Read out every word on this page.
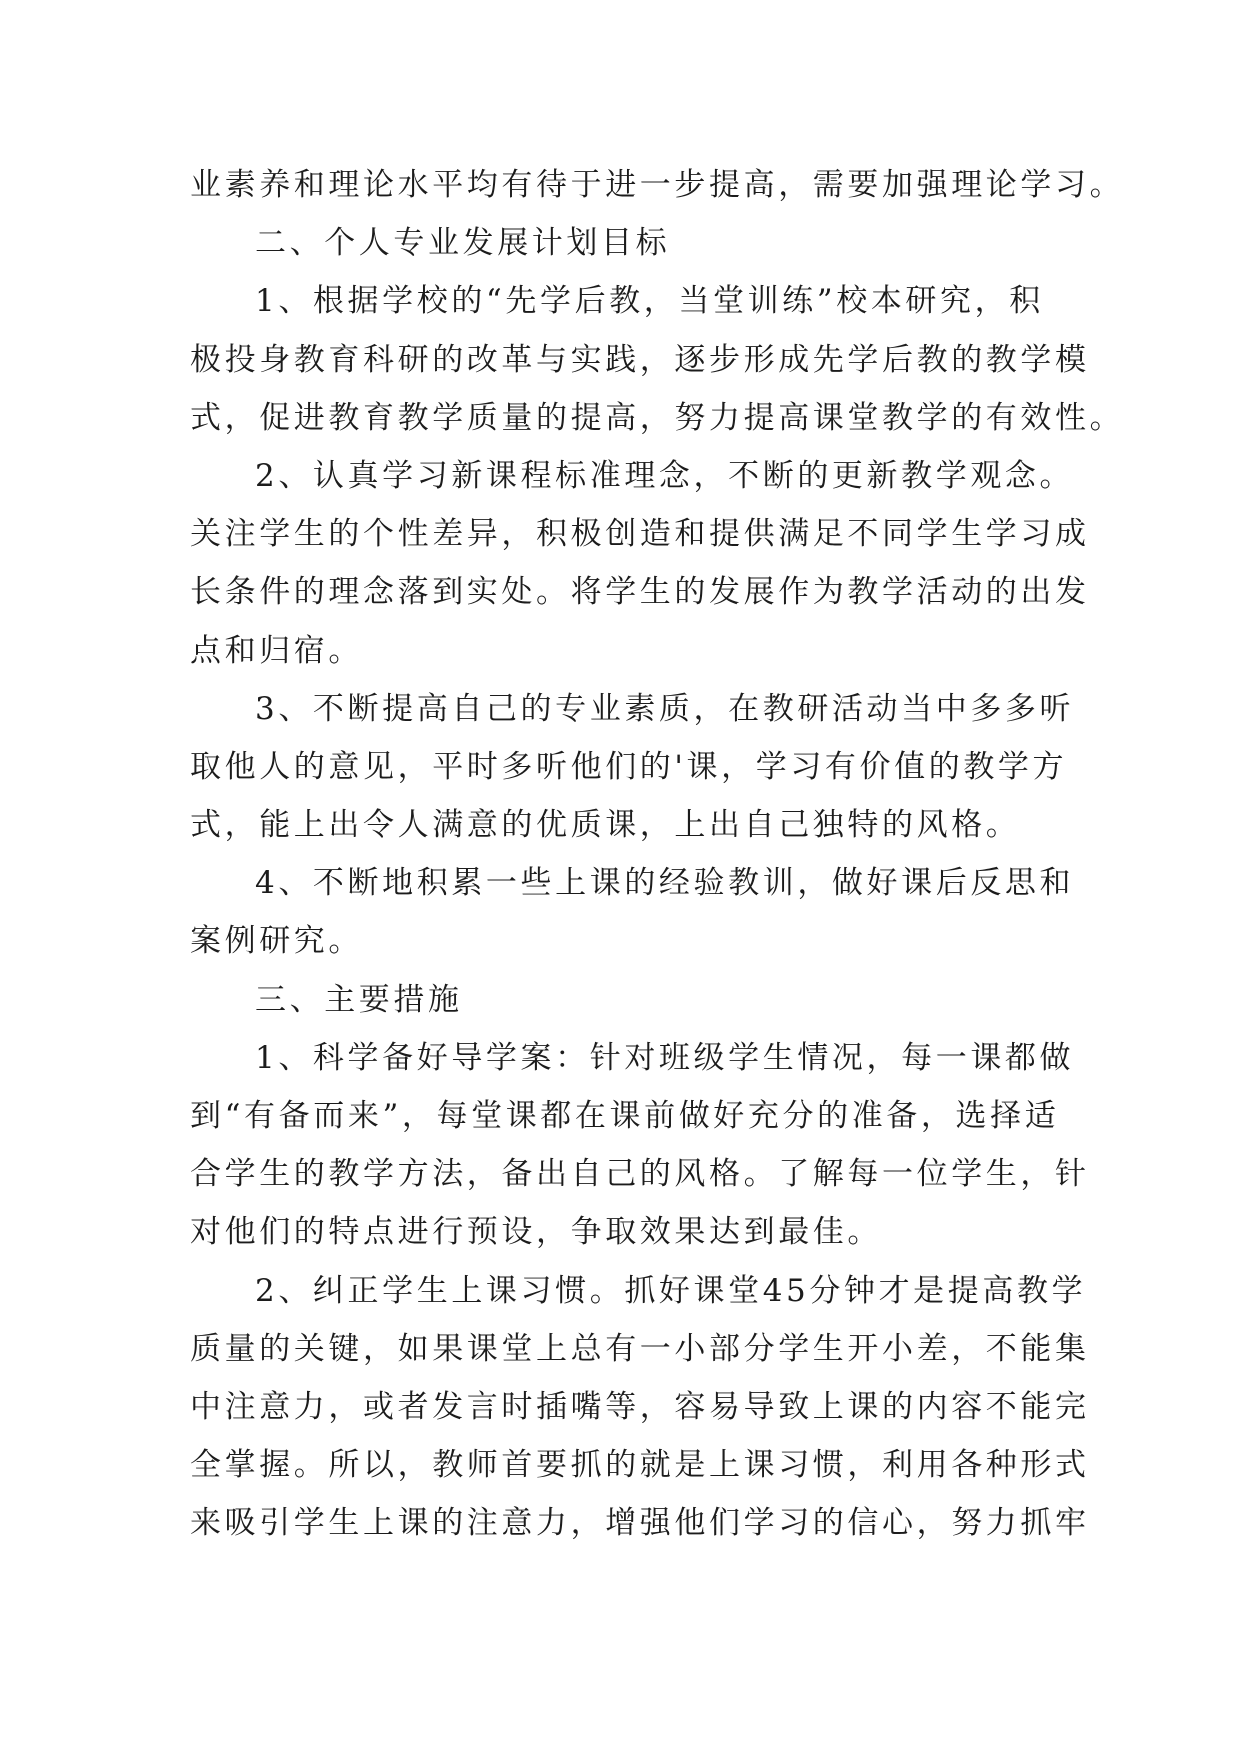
业素养和理论水平均有待于进一步提高，需要加强理论学习。
二、个人专业发展计划目标
1、根据学校的“先学后教，当堂训练”校本研究，积
极投身教育科研的改革与实践，逐步形成先学后教的教学模
式，促进教育教学质量的提高，努力提高课堂教学的有效性。
2、认真学习新课程标准理念，不断的更新教学观念。
关注学生的个性差异，积极创造和提供满足不同学生学习成
长条件的理念落到实处。将学生的发展作为教学活动的出发
点和归宿。
3、不断提高自己的专业素质，在教研活动当中多多听
取他人的意见，平时多听他们的'课，学习有价值的教学方
式，能上出令人满意的优质课，上出自己独特的风格。
4、不断地积累一些上课的经验教训，做好课后反思和
案例研究。
三、主要措施
1、科学备好导学案：针对班级学生情况，每一课都做
到“有备而来”，每堂课都在课前做好充分的准备，选择适
合学生的教学方法，备出自己的风格。了解每一位学生，针
对他们的特点进行预设，争取效果达到最佳。
2、纠正学生上课习惯。抓好课堂45分钟才是提高教学
质量的关键，如果课堂上总有一小部分学生开小差，不能集
中注意力，或者发言时插嘴等，容易导致上课的内容不能完
全掌握。所以，教师首要抓的就是上课习惯，利用各种形式
来吸引学生上课的注意力，增强他们学习的信心，努力抓牢
